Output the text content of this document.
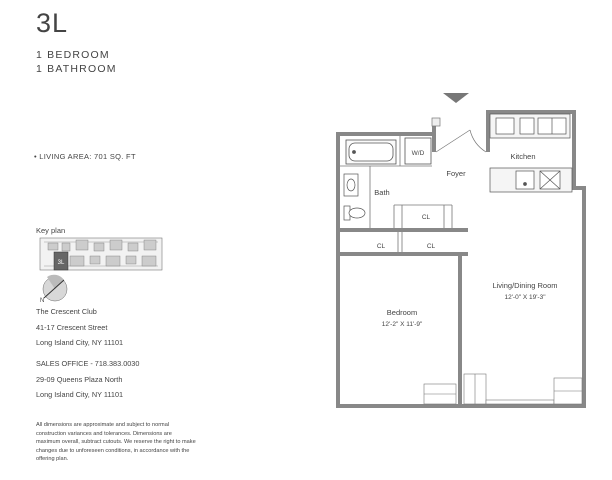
3L
1 BEDROOM
1 BATHROOM
• LIVING AREA: 701 SQ. FT
Key plan
The Crescent Club
41-17 Crescent Street
Long Island City, NY 11101
SALES OFFICE - 718.383.0030
29-09 Queens Plaza North
Long Island City, NY 11101
All dimensions are approximate and subject to normal construction variances and tolerances. Dimensions are maximum overall, subtract cutouts. We reserve the right to make changes due to unforeseen conditions, in accordance with the offering plan.
3L
N
W/D
Foyer
Kitchen
Bath
CL
CL	CL
Bedroom
12'-2" X 11'-9"
Living/Dining Room
12'-0" X 19'-3"
